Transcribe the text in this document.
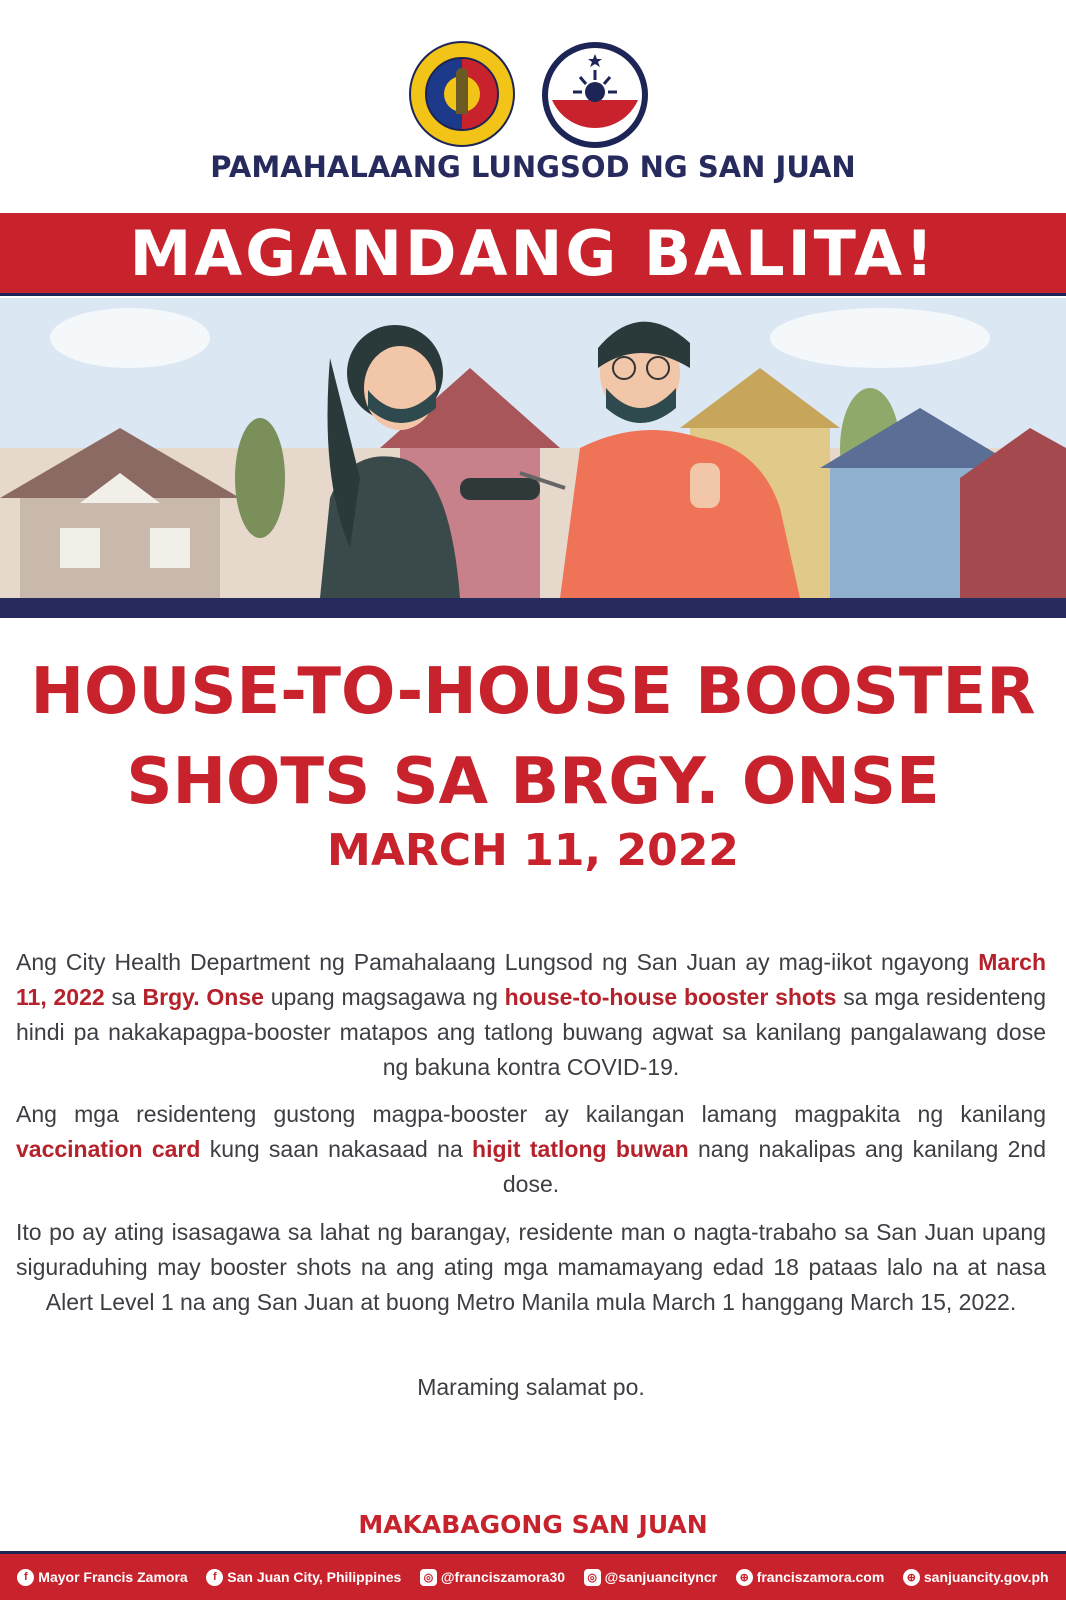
PAMAHALAANG LUNGSOD NG SAN JUAN
MAGANDANG BALITA!
HOUSE-TO-HOUSE BOOSTER
SHOTS SA BRGY. ONSE
MARCH 11, 2022
Ang City Health Department ng Pamahalaang Lungsod ng San Juan ay mag-iikot ngayong March 11, 2022 sa Brgy. Onse upang magsagawa ng house-to-house booster shots sa mga residenteng hindi pa nakakapagpa-booster matapos ang tatlong buwang agwat sa kanilang pangalawang dose ng bakuna kontra COVID-19.
Ang mga residenteng gustong magpa-booster ay kailangan lamang magpakita ng kanilang vaccination card kung saan nakasaad na higit tatlong buwan nang nakalipas ang kanilang 2nd dose.
Ito po ay ating isasagawa sa lahat ng barangay, residente man o nagta-trabaho sa San Juan upang siguraduhing may booster shots na ang ating mga mamamayang edad 18 pataas lalo na at nasa Alert Level 1 na ang San Juan at buong Metro Manila mula March 1 hanggang March 15, 2022.
Maraming salamat po.
MAKABAGONG SAN JUAN
f Mayor Francis Zamora	f San Juan City, Philippines	◎ @franciszamora30	◎ @sanjuancityncr	⊕ franciszamora.com	⊕ sanjuancity.gov.ph
